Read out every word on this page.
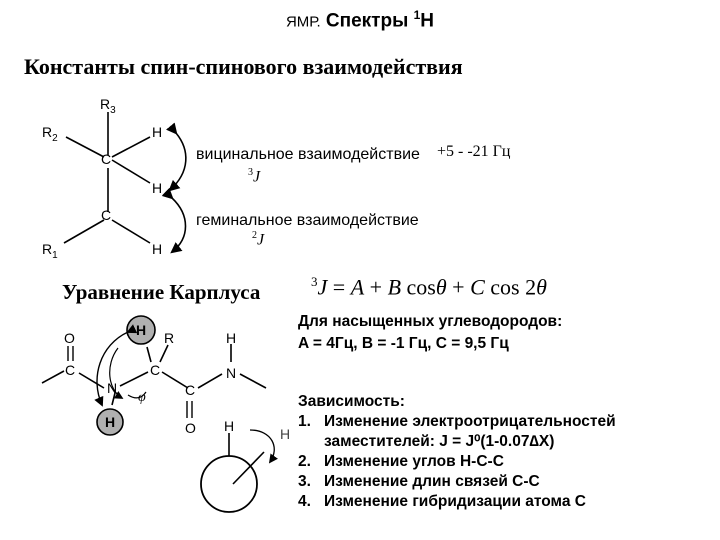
ЯМР. Спектры $^1$H
Константы спин-спинового взаимодействия
$R_3$
$R_2$	H
C
H
C
$R_1$	H
вицинальное взаимодействие +5 - -21 Гц
$^3$J
геминальное взаимодействие
$^2$J
Уравнение Карплуса	$^3$J = A + B cosθ + C cos 2θ
O
C
N
H
H
R
C
φ
H
N
C
O H	H
Для насыщенных углеводородов:
A = 4Гц, B = -1 Гц, C = 9,5 Гц
Зависимость:
1. Изменение электроотрицательностей
заместителей: J = J⁰(1-0.07∆X)
2. Изменение углов H-C-C
3. Изменение длин связей C-C
4. Изменение гибридизации атома C
